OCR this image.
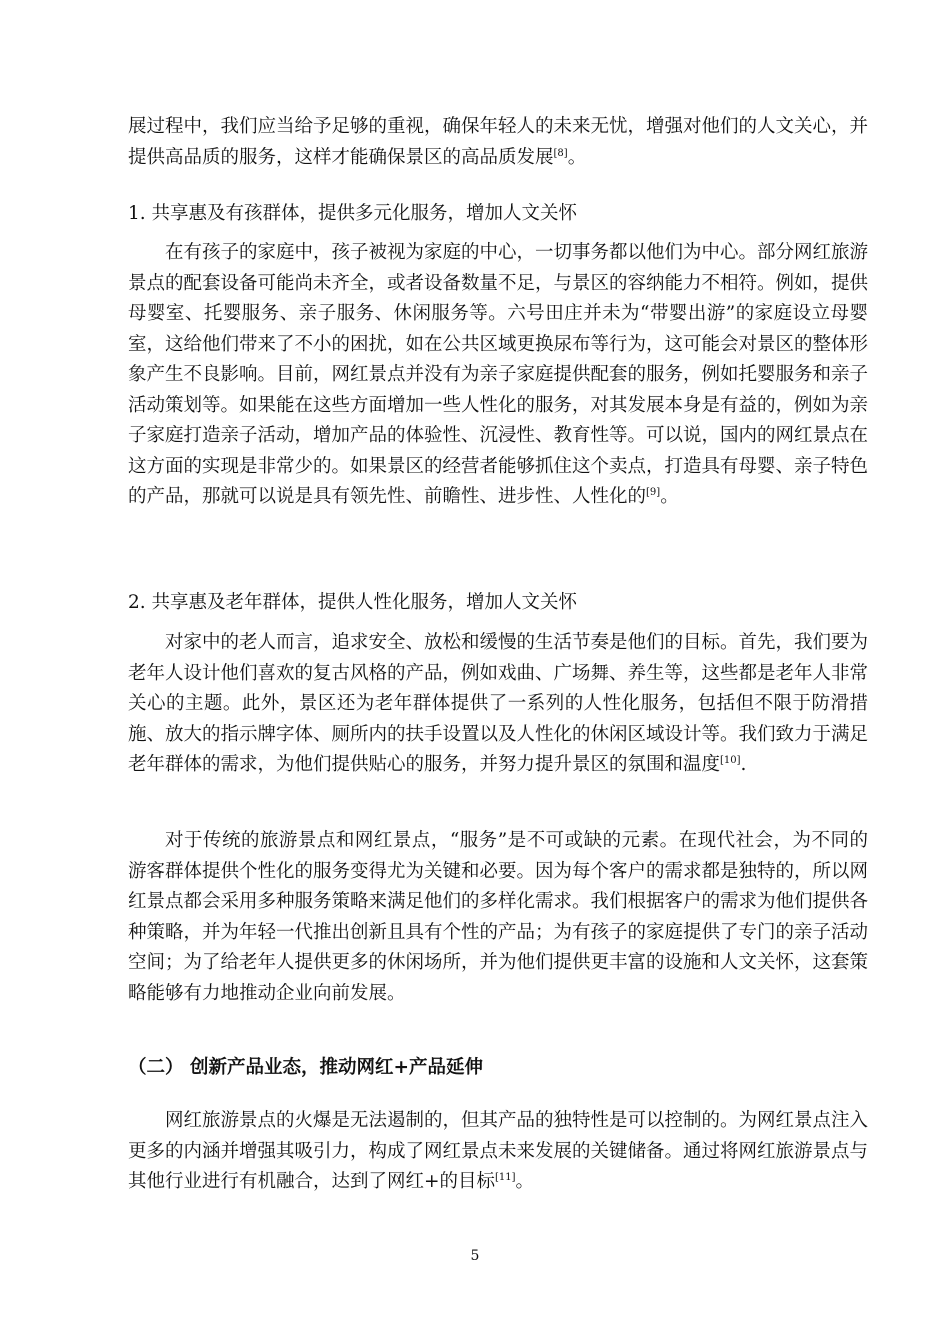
展过程中，我们应当给予足够的重视，确保年轻人的未来无忧，增强对他们的人文关心，并提供高品质的服务，这样才能确保景区的高品质发展[8]。

1. 共享惠及有孩群体，提供多元化服务，增加人文关怀

在有孩子的家庭中，孩子被视为家庭的中心，一切事务都以他们为中心。部分网红旅游景点的配套设备可能尚未齐全，或者设备数量不足，与景区的容纳能力不相符。例如，提供母婴室、托婴服务、亲子服务、休闲服务等。六号田庄并未为“带婴出游”的家庭设立母婴室，这给他们带来了不小的困扰，如在公共区域更换尿布等行为，这可能会对景区的整体形象产生不良影响。目前，网红景点并没有为亲子家庭提供配套的服务，例如托婴服务和亲子活动策划等。如果能在这些方面增加一些人性化的服务，对其发展本身是有益的，例如为亲子家庭打造亲子活动，增加产品的体验性、沉浸性、教育性等。可以说，国内的网红景点在这方面的实现是非常少的。如果景区的经营者能够抓住这个卖点，打造具有母婴、亲子特色的产品，那就可以说是具有领先性、前瞻性、进步性、人性化的[9]。

2. 共享惠及老年群体，提供人性化服务，增加人文关怀

对家中的老人而言，追求安全、放松和缓慢的生活节奏是他们的目标。首先，我们要为老年人设计他们喜欢的复古风格的产品，例如戏曲、广场舞、养生等，这些都是老年人非常关心的主题。此外，景区还为老年群体提供了一系列的人性化服务，包括但不限于防滑措施、放大的指示牌字体、厕所内的扶手设置以及人性化的休闲区域设计等。我们致力于满足老年群体的需求，为他们提供贴心的服务，并努力提升景区的氛围和温度[10].

对于传统的旅游景点和网红景点，“服务”是不可或缺的元素。在现代社会，为不同的游客群体提供个性化的服务变得尤为关键和必要。因为每个客户的需求都是独特的，所以网红景点都会采用多种服务策略来满足他们的多样化需求。我们根据客户的需求为他们提供各种策略，并为年轻一代推出创新且具有个性的产品；为有孩子的家庭提供了专门的亲子活动空间；为了给老年人提供更多的休闲场所，并为他们提供更丰富的设施和人文关怀，这套策略能够有力地推动企业向前发展。

（二） 创新产品业态，推动网红+产品延伸

网红旅游景点的火爆是无法遏制的，但其产品的独特性是可以控制的。为网红景点注入更多的内涵并增强其吸引力，构成了网红景点未来发展的关键储备。通过将网红旅游景点与其他行业进行有机融合，达到了网红+的目标[11]。

5
